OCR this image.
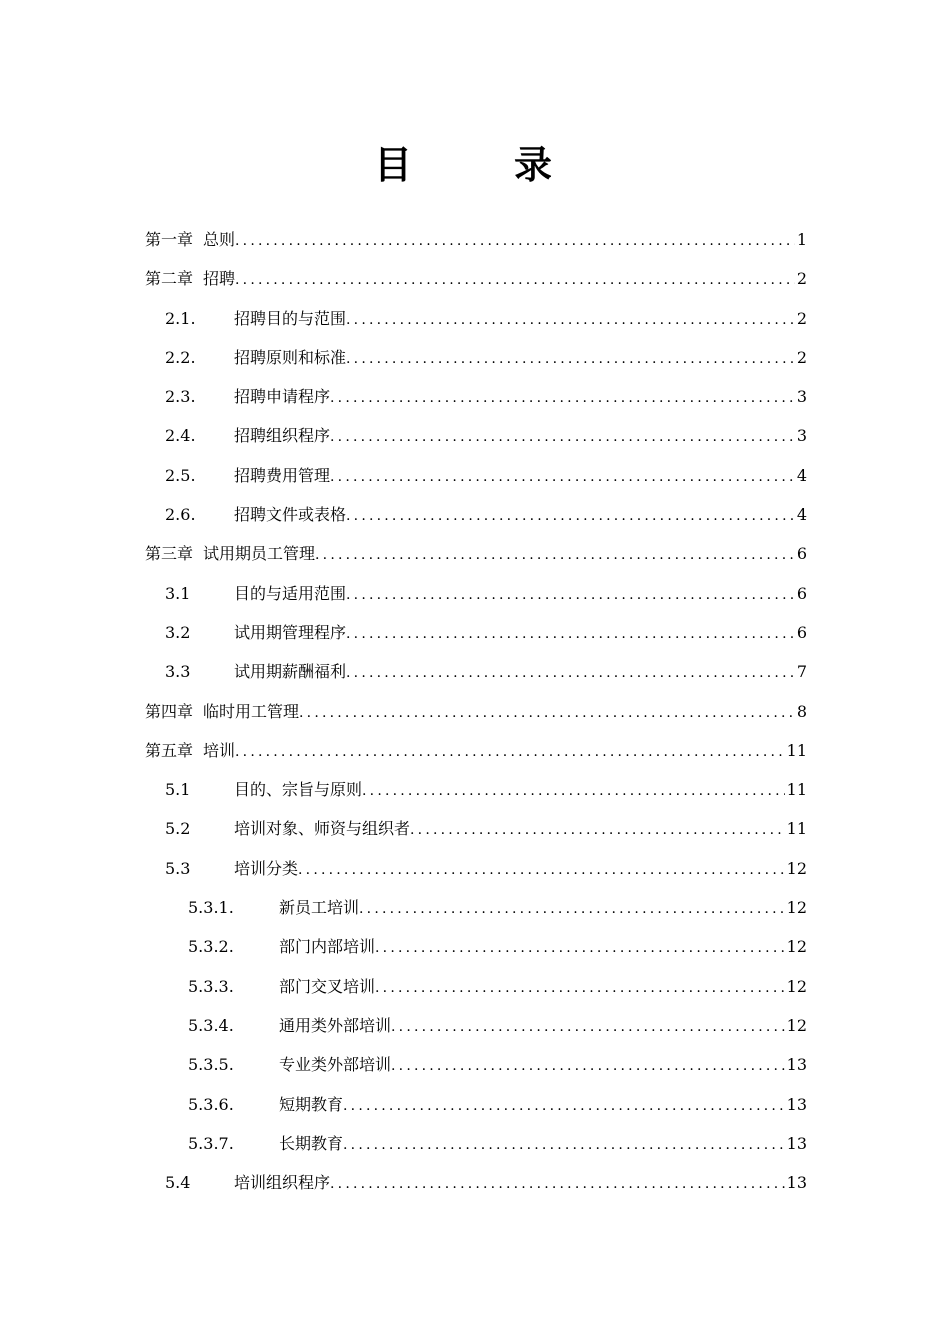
目　录
第一章 总则 .....	1
第二章 招聘 .....	2
2.1.	招聘目的与范围 .....	2
2.2.	招聘原则和标准 .....	2
2.3.	招聘申请程序 .....	3
2.4.	招聘组织程序 .....	3
2.5.	招聘费用管理 .....	4
2.6.	招聘文件或表格 .....	4
第三章 试用期员工管理 .....	6
3.1	目的与适用范围 .....	6
3.2	试用期管理程序 .....	6
3.3	试用期薪酬福利 .....	7
第四章 临时用工管理 .....	8
第五章 培训 .....	11
5.1	目的、宗旨与原则 .....	11
5.2	培训对象、师资与组织者 .....	11
5.3	培训分类 .....	12
5.3.1.	新员工培训 .....	12
5.3.2.	部门内部培训 .....	12
5.3.3.	部门交叉培训 .....	12
5.3.4.	通用类外部培训 .....	12
5.3.5.	专业类外部培训 .....	13
5.3.6.	短期教育 .....	13
5.3.7.	长期教育 .....	13
5.4	培训组织程序 .....	13
